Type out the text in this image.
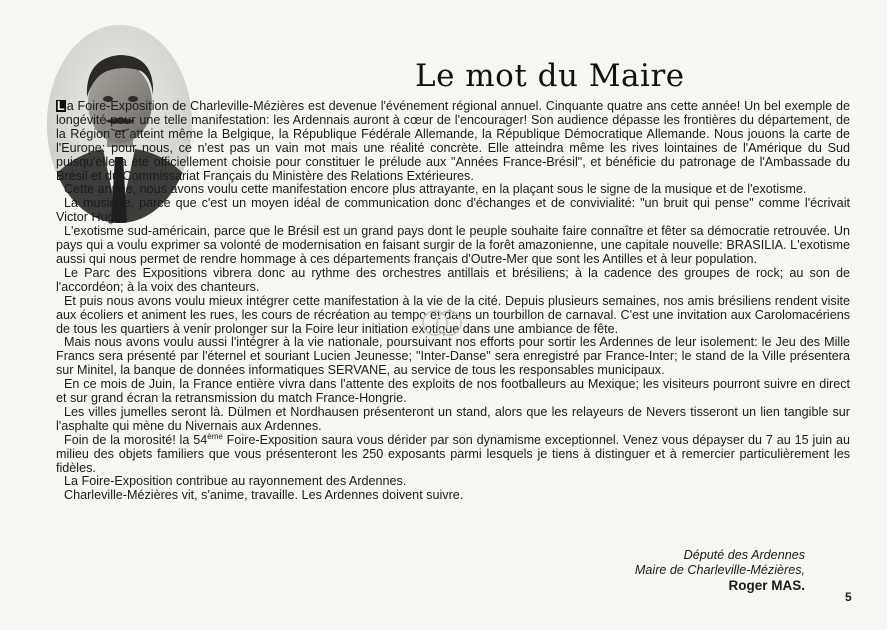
Le mot du Maire

L a Foire-Exposition de Charleville-Mézières est devenue l'événement régional annuel. Cinquante quatre ans cette année! Un bel exemple de longévité pour une telle manifestation: les Ardennais auront à cœur de l'encourager! Son audience dépasse les frontières du département, de la Région et atteint même la Belgique, la République Fédérale Allemande, la République Démocratique Allemande. Nous jouons la carte de l'Europe: pour nous, ce n'est pas un vain mot mais une réalité concrète. Elle atteindra même les rives lointaines de l'Amérique du Sud puisqu'elle a été officiellement choisie pour constituer le prélude aux "Années France-Brésil", et bénéficie du patronage de l'Ambassade du Brésil et du Commissariat Français du Ministère des Relations Extérieures.

Cette année, nous avons voulu cette manifestation encore plus attrayante, en la plaçant sous le signe de la musique et de l'exotisme.

La musique, parce que c'est un moyen idéal de communication donc d'échanges et de convivialité: "un bruit qui pense" comme l'écrivait Victor Hugo.

L'exotisme sud-américain, parce que le Brésil est un grand pays dont le peuple souhaite faire connaître et fêter sa démocratie retrouvée. Un pays qui a voulu exprimer sa volonté de modernisation en faisant surgir de la forêt amazonienne, une capitale nouvelle: BRASILIA. L'exotisme aussi qui nous permet de rendre hommage à ces départements français d'Outre-Mer que sont les Antilles et à leur population.

Le Parc des Expositions vibrera donc au rythme des orchestres antillais et brésiliens; à la cadence des groupes de rock; au son de l'accordéon; à la voix des chanteurs.

Et puis nous avons voulu mieux intégrer cette manifestation à la vie de la cité. Depuis plusieurs semaines, nos amis brésiliens rendent visite aux écoliers et animent les rues, les cours de récréation au tempo et dans un tourbillon de carnaval. C'est une invitation aux Carolomacériens de tous les quartiers à venir prolonger sur la Foire leur initiation exotique dans une ambiance de fête.

Mais nous avons voulu aussi l'intégrer à la vie nationale, poursuivant nos efforts pour sortir les Ardennes de leur isolement: le Jeu des Mille Francs sera présenté par l'éternel et souriant Lucien Jeunesse; "Inter-Danse" sera enregistré par France-Inter; le stand de la Ville présentera sur Minitel, la banque de données informatiques SERVANE, au service de tous les responsables municipaux.

En ce mois de Juin, la France entière vivra dans l'attente des exploits de nos footballeurs au Mexique; les visiteurs pourront suivre en direct et sur grand écran la retransmission du match France-Hongrie.

Les villes jumelles seront là. Dülmen et Nordhausen présenteront un stand, alors que les relayeurs de Nevers tisseront un lien tangible sur l'asphalte qui mène du Nivernais aux Ardennes.

Foin de la morosité! la 54ème Foire-Exposition saura vous dérider par son dynamisme exceptionnel. Venez vous dépayser du 7 au 15 juin au milieu des objets familiers que vous présenteront les 250 exposants parmi lesquels je tiens à distinguer et à remercier particulièrement les fidèles.

La Foire-Exposition contribue au rayonnement des Ardennes.

Charleville-Mézières vit, s'anime, travaille. Les Ardennes doivent suivre.

Député des Ardennes
Maire de Charleville-Mézières,
Roger MAS.
5
